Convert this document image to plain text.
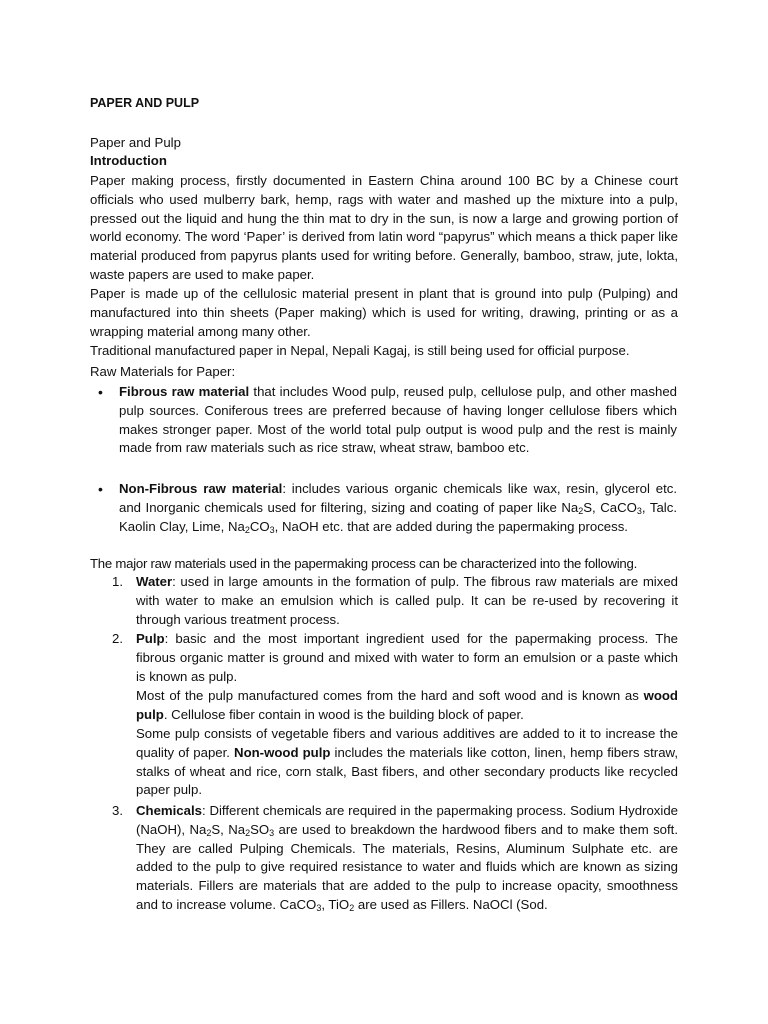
PAPER AND PULP
Paper and Pulp
Introduction
Paper making process, firstly documented in Eastern China around 100 BC by a Chinese court officials who used mulberry bark, hemp, rags with water and mashed up the mixture into a pulp, pressed out the liquid and hung the thin mat to dry in the sun, is now a large and growing portion of world economy. The word ‘Paper’ is derived from latin word “papyrus” which means a thick paper like material produced from papyrus plants used for writing before. Generally, bamboo, straw, jute, lokta, waste papers are used to make paper.
Paper is made up of the cellulosic material present in plant that is ground into pulp (Pulping) and manufactured into thin sheets (Paper making) which is used for writing, drawing, printing or as a wrapping material among many other.
Traditional manufactured paper in Nepal, Nepali Kagaj, is still being used for official purpose.
Raw Materials for Paper:
• Fibrous raw material that includes Wood pulp, reused pulp, cellulose pulp, and other mashed pulp sources. Coniferous trees are preferred because of having longer cellulose fibers which makes stronger paper. Most of the world total pulp output is wood pulp and the rest is mainly made from raw materials such as rice straw, wheat straw, bamboo etc.
• Non-Fibrous raw material: includes various organic chemicals like wax, resin, glycerol etc. and Inorganic chemicals used for filtering, sizing and coating of paper like $Na_2S$, CaCO$_3$, Talc. Kaolin Clay, Lime, $Na_2CO_3$, NaOH etc. that are added during the papermaking process.
The major raw materials used in the papermaking process can be characterized into the following.
1. Water: used in large amounts in the formation of pulp. The fibrous raw materials are mixed with water to make an emulsion which is called pulp. It can be re-used by recovering it through various treatment process.
2. Pulp: basic and the most important ingredient used for the papermaking process. The fibrous organic matter is ground and mixed with water to form an emulsion or a paste which is known as pulp.
Most of the pulp manufactured comes from the hard and soft wood and is known as wood pulp. Cellulose fiber contain in wood is the building block of paper.
Some pulp consists of vegetable fibers and various additives are added to it to increase the quality of paper. Non-wood pulp includes the materials like cotton, linen, hemp fibers straw, stalks of wheat and rice, corn stalk, Bast fibers, and other secondary products like recycled paper pulp.
3. Chemicals: Different chemicals are required in the papermaking process. Sodium Hydroxide (NaOH), $Na_2S$, $Na_2SO_3$ are used to breakdown the hardwood fibers and to make them soft. They are called Pulping Chemicals. The materials, Resins, Aluminum Sulphate etc. are added to the pulp to give required resistance to water and fluids which are known as sizing materials. Fillers are materials that are added to the pulp to increase opacity, smoothness and to increase volume. CaCO$_3$, TiO$_2$ are used as Fillers. NaOCl (Sod.
